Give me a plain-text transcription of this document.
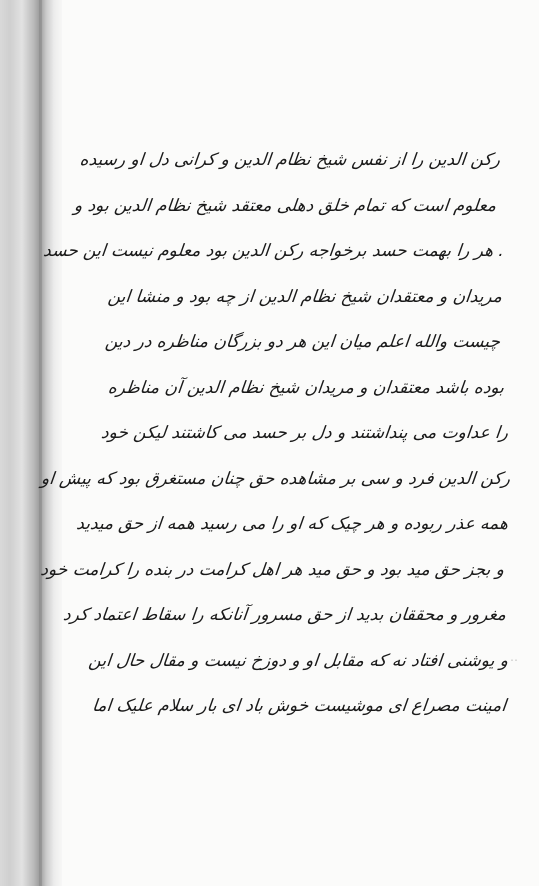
رکن الدین را از نفس شیخ نظام الدین و کرانی دل او رسیده
معلوم است که تمام خلق دهلی معتقد شیخ نظام الدین بود و
. هر را بهمت حسد برخواجه رکن الدین بود معلوم نیست این حسد
مریدان و معتقدان شیخ نظام الدین از چه بود و منشا این
چیست والله اعلم میان این هر دو بزرگان مناظره در دین
بوده باشد معتقدان و مریدان شیخ نظام الدین آن مناظره
را عداوت می پنداشتند و دل بر حسد می کاشتند لیکن خود
رکن الدین فرد و سی بر مشاهده حق چنان مستغرق بود که پیش او
همه عذر ربوده و هر چیک که او را می رسید همه از حق میدید
و بجز حق مید بود و حق مید هر اهل کرامت در بنده را کرامت خود
مغرور و محققان بدید از حق مسرور آنانکه را سقاط اعتماد کرد
و یوشنی افتاد نه که مقابل او و دوزخ نیست و مقال حال این
امینت مصراع ای موشیست خوش باد ای بار سلام علیک اما
˙˙
